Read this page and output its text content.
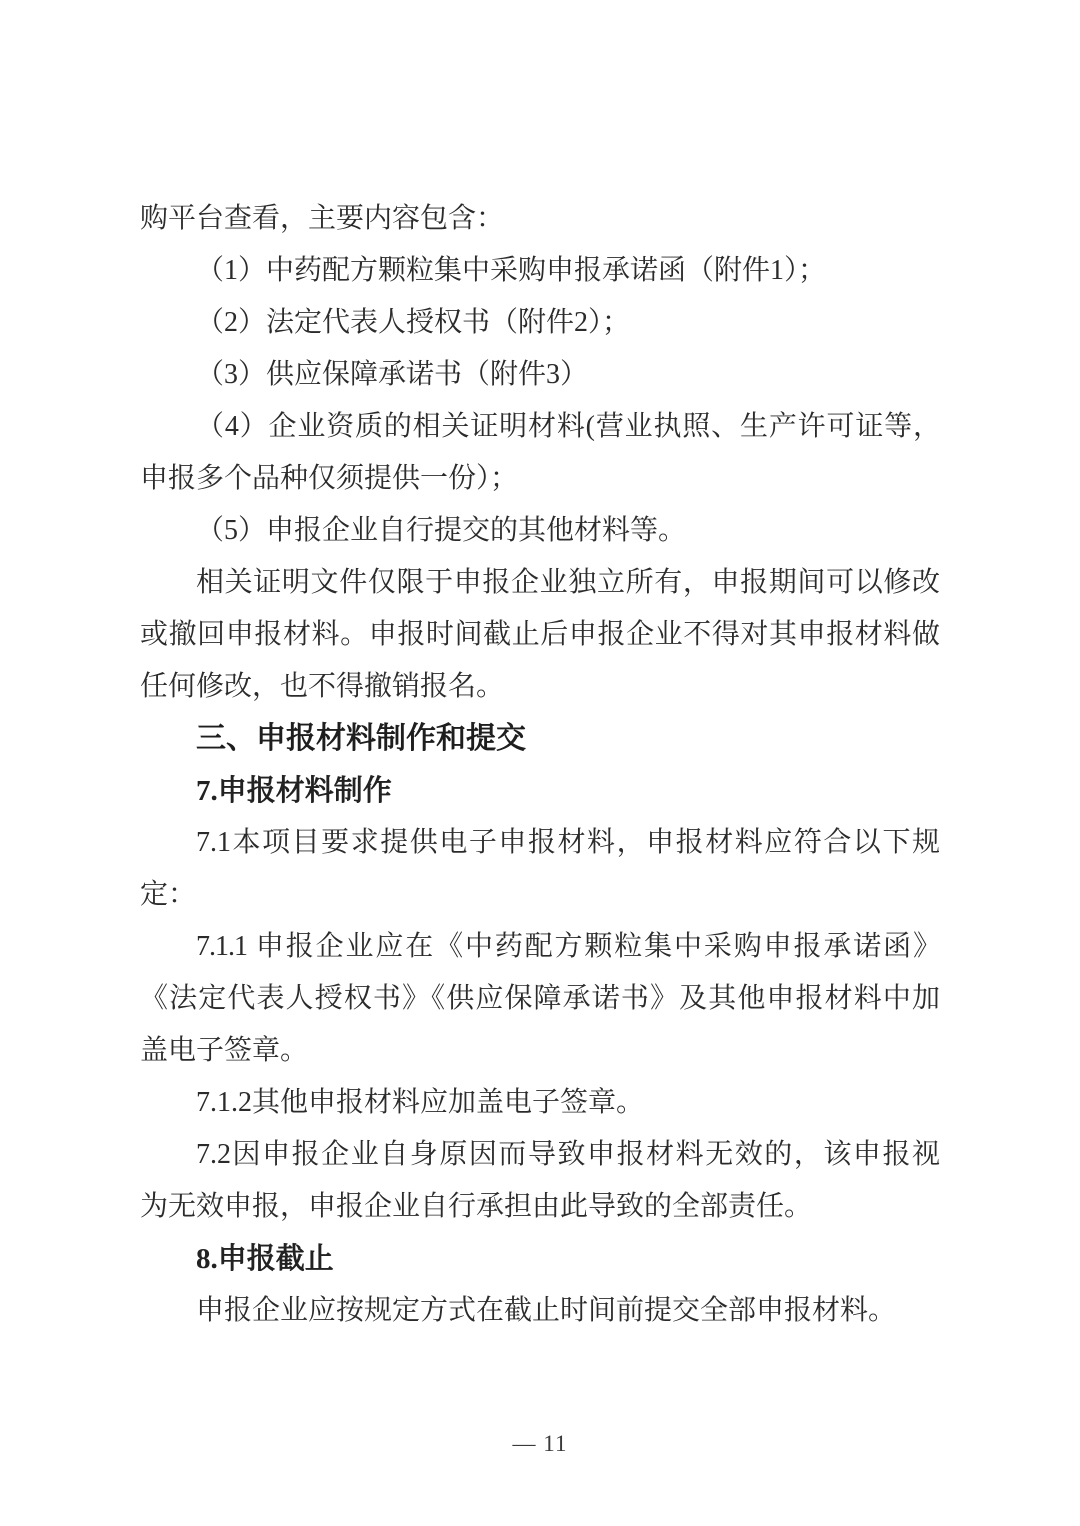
购平台查看，主要内容包含：
（1）中药配方颗粒集中采购申报承诺函（附件1）；
（2）法定代表人授权书（附件2）；
（3）供应保障承诺书（附件3）
（4）企业资质的相关证明材料(营业执照、生产许可证等，
申报多个品种仅须提供一份）；
（5）申报企业自行提交的其他材料等。
相关证明文件仅限于申报企业独立所有，申报期间可以修改
或撤回申报材料。申报时间截止后申报企业不得对其申报材料做
任何修改，也不得撤销报名。
三、申报材料制作和提交
7.申报材料制作
7.1本项目要求提供电子申报材料，申报材料应符合以下规
定：
7.1.1 申报企业应在《中药配方颗粒集中采购申报承诺函》
《法定代表人授权书》《供应保障承诺书》及其他申报材料中加
盖电子签章。
7.1.2其他申报材料应加盖电子签章。
7.2因申报企业自身原因而导致申报材料无效的，该申报视
为无效申报，申报企业自行承担由此导致的全部责任。
8.申报截止
申报企业应按规定方式在截止时间前提交全部申报材料。
— 11
